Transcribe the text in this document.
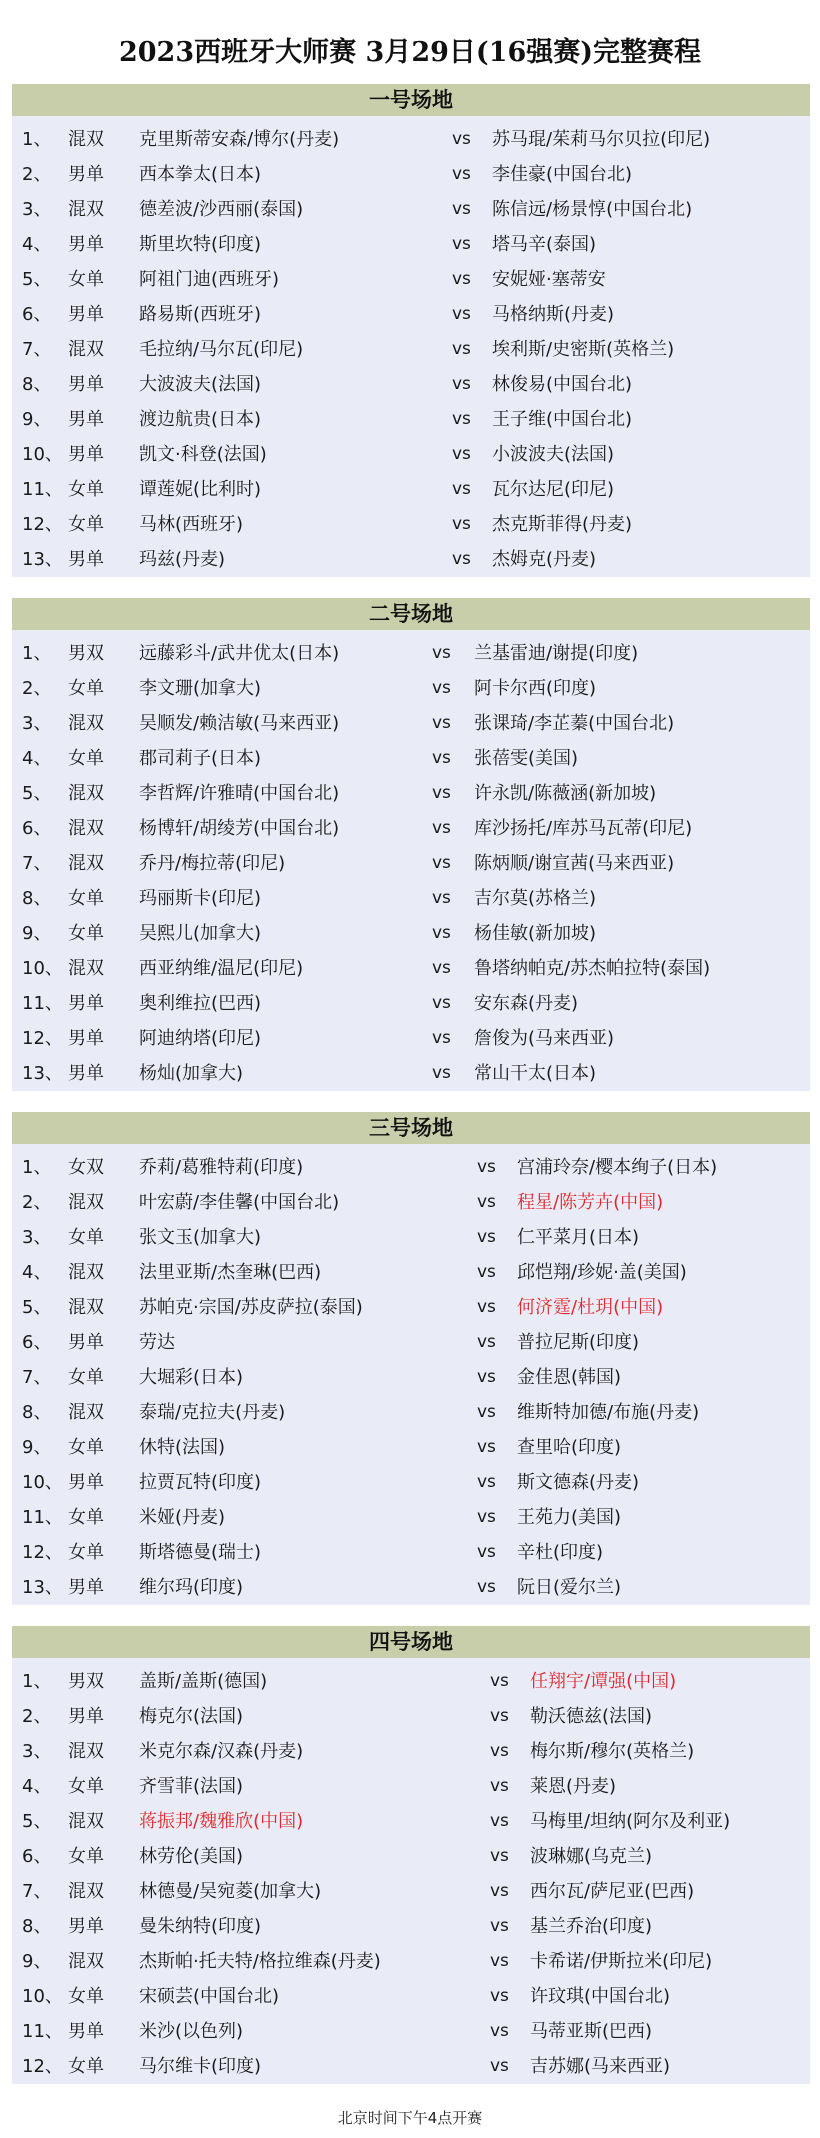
2023西班牙大师赛 3月29日(16强赛)完整赛程
一号场地
1、 混双 克里斯蒂安森/博尔(丹麦)	vs 苏马琨/茱莉马尔贝拉(印尼)
2、 男单 西本拳太(日本)	vs 李佳豪(中国台北)
3、 混双 德差波/沙西丽(泰国)	vs 陈信远/杨景惇(中国台北)
4、 男单 斯里坎特(印度)	vs 塔马辛(泰国)
5、 女单 阿祖门迪(西班牙)	vs 安妮娅·塞蒂安
6、 男单 路易斯(西班牙)	vs 马格纳斯(丹麦)
7、 混双 毛拉纳/马尔瓦(印尼)	vs 埃利斯/史密斯(英格兰)
8、 男单 大波波夫(法国)	vs 林俊易(中国台北)
9、 男单 渡边航贵(日本)	vs 王子维(中国台北)
10、 男单 凯文·科登(法国)	vs 小波波夫(法国)
11、 女单 谭莲妮(比利时)	vs 瓦尔达尼(印尼)
12、 女单 马林(西班牙)	vs 杰克斯菲得(丹麦)
13、 男单 玛兹(丹麦)	vs 杰姆克(丹麦)
二号场地
1、 男双 远藤彩斗/武井优太(日本)	vs 兰基雷迪/谢提(印度)
2、 女单 李文珊(加拿大)	vs 阿卡尔西(印度)
3、 混双 吴顺发/赖洁敏(马来西亚)	vs 张课琦/李芷蓁(中国台北)
4、 女单 郡司莉子(日本)	vs 张蓓雯(美国)
5、 混双 李哲辉/许雅晴(中国台北)	vs 许永凯/陈薇涵(新加坡)
6、 混双 杨博轩/胡绫芳(中国台北)	vs 库沙扬托/库苏马瓦蒂(印尼)
7、 混双 乔丹/梅拉蒂(印尼)	vs 陈炳顺/谢宣茜(马来西亚)
8、 女单 玛丽斯卡(印尼)	vs 吉尔莫(苏格兰)
9、 女单 吴熙儿(加拿大)	vs 杨佳敏(新加坡)
10、 混双 西亚纳维/温尼(印尼)	vs 鲁塔纳帕克/苏杰帕拉特(泰国)
11、 男单 奥利维拉(巴西)	vs 安东森(丹麦)
12、 男单 阿迪纳塔(印尼)	vs 詹俊为(马来西亚)
13、 男单 杨灿(加拿大)	vs 常山干太(日本)
三号场地
1、 女双 乔莉/葛雅特莉(印度)	vs 宫浦玲奈/樱本绚子(日本)
2、 混双 叶宏蔚/李佳馨(中国台北)	vs 程星/陈芳卉(中国)
3、 女单 张文玉(加拿大)	vs 仁平菜月(日本)
4、 混双 法里亚斯/杰奎琳(巴西)	vs 邱恺翔/珍妮·盖(美国)
5、 混双 苏帕克·宗国/苏皮萨拉(泰国)	vs 何济霆/杜玥(中国)
6、 男单 劳达	vs 普拉尼斯(印度)
7、 女单 大堀彩(日本)	vs 金佳恩(韩国)
8、 混双 泰瑞/克拉夫(丹麦)	vs 维斯特加德/布施(丹麦)
9、 女单 休特(法国)	vs 查里哈(印度)
10、 男单 拉贾瓦特(印度)	vs 斯文德森(丹麦)
11、 女单 米娅(丹麦)	vs 王苑力(美国)
12、 女单 斯塔德曼(瑞士)	vs 辛杜(印度)
13、 男单 维尔玛(印度)	vs 阮日(爱尔兰)
四号场地
1、 男双 盖斯/盖斯(德国)	vs 任翔宇/谭强(中国)
2、 男单 梅克尔(法国)	vs 勒沃德兹(法国)
3、 混双 米克尔森/汉森(丹麦)	vs 梅尔斯/穆尔(英格兰)
4、 女单 齐雪菲(法国)	vs 莱恩(丹麦)
5、 混双 蒋振邦/魏雅欣(中国)	vs 马梅里/坦纳(阿尔及利亚)
6、 女单 林劳伦(美国)	vs 波琳娜(乌克兰)
7、 混双 林德曼/吴宛菱(加拿大)	vs 西尔瓦/萨尼亚(巴西)
8、 男单 曼朱纳特(印度)	vs 基兰乔治(印度)
9、 混双 杰斯帕·托夫特/格拉维森(丹麦)	vs 卡希诺/伊斯拉米(印尼)
10、 女单 宋硕芸(中国台北)	vs 许玟琪(中国台北)
11、 男单 米沙(以色列)	vs 马蒂亚斯(巴西)
12、 女单 马尔维卡(印度)	vs 吉苏娜(马来西亚)
北京时间下午4点开赛
